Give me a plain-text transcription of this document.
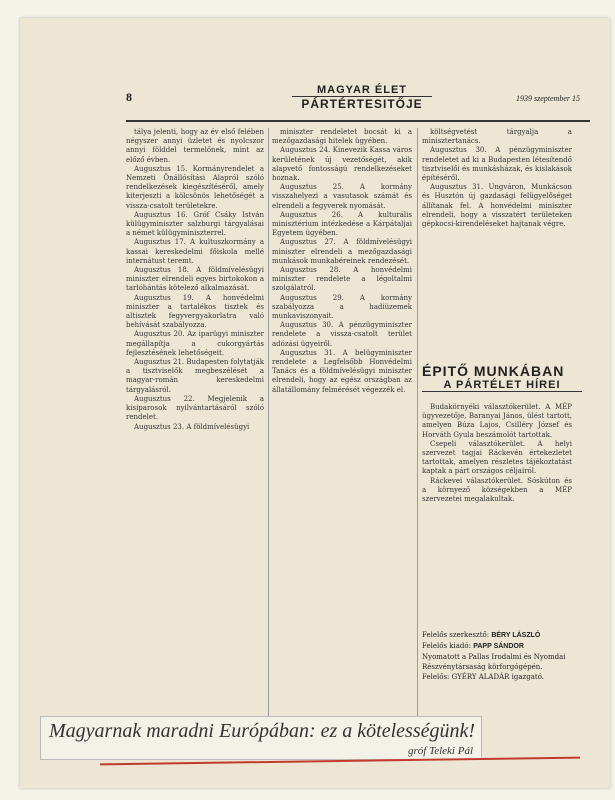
8	MAGYAR ÉLET
PÁRTÉRTESITŐJE	1939 szeptember 15

tálya jelenti, hogy az év első felében négyszer annyi üzletet és nyolcszor annyi földdel termelőnek, mint az előző évben.

Augusztus 15. Kormányrendelet a Nemzeti Önállósítási Alapról szóló rendelkezések kiegészítéséről, amely kiterjeszti a kölcsönös lehetőségét a vissza-csatolt területekre.

Augusztus 16. Gróf Csáky István külügyminiszter salzburgi tárgyalásai a német külügyminiszterrel.

Augusztus 17. A kultuszkormány a kassai kereskedelmi főiskola mellé internátust teremt.

Augusztus 18. A földmívelésügyi miniszter elrendeli egyes birtokokon a tarlóhántás kötelező alkalmazását.

Augusztus 19. A honvédelmi miniszter a tartalékos tisztek és altisztek fegyvergyakorlatra való behívását szabályozza.

Augusztus 20. Az iparügyi miniszter megállapítja a cukorgyártás fejlesztésének lehetőségeit.

Augusztus 21. Budapesten folytatják a tisztviselők megbeszélését a magyar-román kereskedelmi tárgyalásról.

Augusztus 22. Megjelenik a kisiparosok nyilvántartásáról szóló rendelet.

Augusztus 23. A földmívelésügyi

miniszter rendeletet bocsát ki a mezőgazdasági hitelek ügyében.

Augusztus 24. Kinevezik Kassa város kerületének új vezetőségét, akik alapvető fontosságú rendelkezéseket hoznak.

Augusztus 25. A kormány visszahelyezi a vasutasok számát és elrendeli a fegyverek nyomását.

Augusztus 26. A kulturális minisztérium intézkedése a Kárpátaljai Egyetem ügyében.

Augusztus 27. A földmívelésügyi miniszter elrendeli a mezőgazdasági munkások munkabéreinek rendezését.

Augusztus 28. A honvédelmi miniszter rendelete a légoltalmi szolgálatról.

Augusztus 29. A kormány szabályozza a hadiüzemek munkaviszonyait.

Augusztus 30. A pénzügyminiszter rendelete a vissza-csatolt terület adózási ügyeiről.

Augusztus 31. A belügyminiszter rendelete a Legfelsőbb Honvédelmi Tanács és a földmívelésügyi miniszter elrendeli, hogy az egész országban az állatállomány felmérését végezzék el.

költségvetést tárgyalja a minisztertanács.

Augusztus 30. A pénzügyminiszter rendeletet ad ki a Budapesten létesítendő tisztviselői és munkásházak, és kislakások építéséről.

Augusztus 31. Ungváron, Munkácson és Husztón új gazdasági felügyelőséget állítanak fel. A honvédelmi miniszter elrendeli, hogy a visszatért területeken gépkocsi-kirendeléseket hajtanak végre.

ÉPITŐ MUNKÁBAN
A PÁRTÉLET HÍREI

Budakörnyéki választókerület. A MÉP ügyvezetője, Baranyai János, ülést tartott, amelyen Búza Lajos, Csilléry József és Horváth Gyula beszámolót tartottak.

Csepeli választókerület. A helyi szervezet tagjai Ráckevén értekezletet tartottak, amelyen részletes tájékoztatást kaptak a párt országos céljairól.

Ráckevei választókerület. Sóskúton és a környező községekben a MÉP szervezetei megalakultak.

Felelős szerkesztő: BÉRY LÁSZLÓ
Felelős kiadó: PAPP SÁNDOR
Nyomatott a Pallas Irodalmi és Nyomdai
Részvénytársaság körforgógépén.
Felelős: GYÉRY ALADÁR igazgató.
Magyarnak maradni Európában: ez a kötelességünk!
gróf Teleki Pál
